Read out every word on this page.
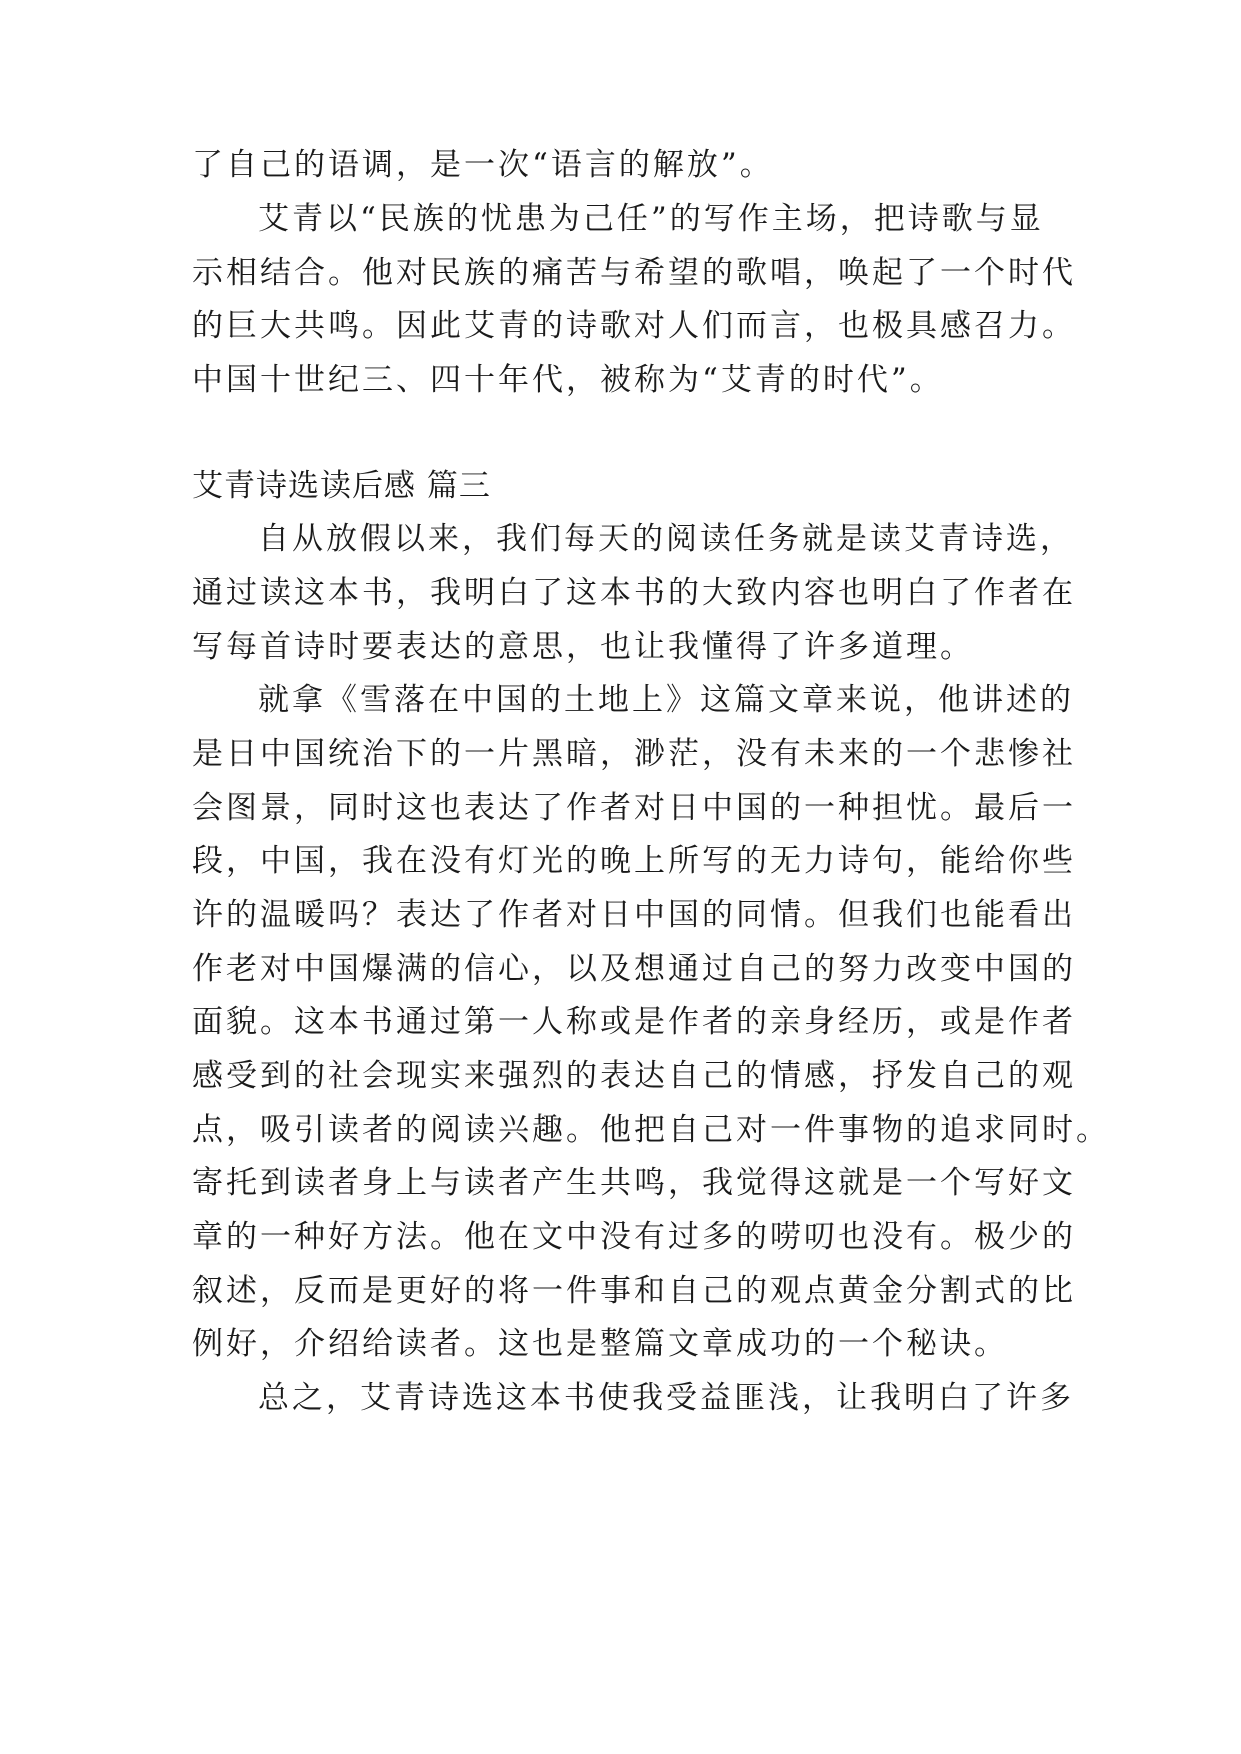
了自己的语调，是一次“语言的解放”。
艾青以“民族的忧患为己任”的写作主场，把诗歌与显
示相结合。他对民族的痛苦与希望的歌唱，唤起了一个时代
的巨大共鸣。因此艾青的诗歌对人们而言，也极具感召力。
中国十世纪三、四十年代，被称为“艾青的时代”。
艾青诗选读后感 篇三
自从放假以来，我们每天的阅读任务就是读艾青诗选，
通过读这本书，我明白了这本书的大致内容也明白了作者在
写每首诗时要表达的意思，也让我懂得了许多道理。
就拿《雪落在中国的土地上》这篇文章来说，他讲述的
是日中国统治下的一片黑暗，渺茫，没有未来的一个悲惨社
会图景，同时这也表达了作者对日中国的一种担忧。最后一
段，中国，我在没有灯光的晚上所写的无力诗句，能给你些
许的温暖吗？表达了作者对日中国的同情。但我们也能看出
作老对中国爆满的信心，以及想通过自己的努力改变中国的
面貌。这本书通过第一人称或是作者的亲身经历，或是作者
感受到的社会现实来强烈的表达自己的情感，抒发自己的观
点，吸引读者的阅读兴趣。他把自己对一件事物的追求同时。
寄托到读者身上与读者产生共鸣，我觉得这就是一个写好文
章的一种好方法。他在文中没有过多的唠叨也没有。极少的
叙述，反而是更好的将一件事和自己的观点黄金分割式的比
例好，介绍给读者。这也是整篇文章成功的一个秘诀。
总之，艾青诗选这本书使我受益匪浅，让我明白了许多
